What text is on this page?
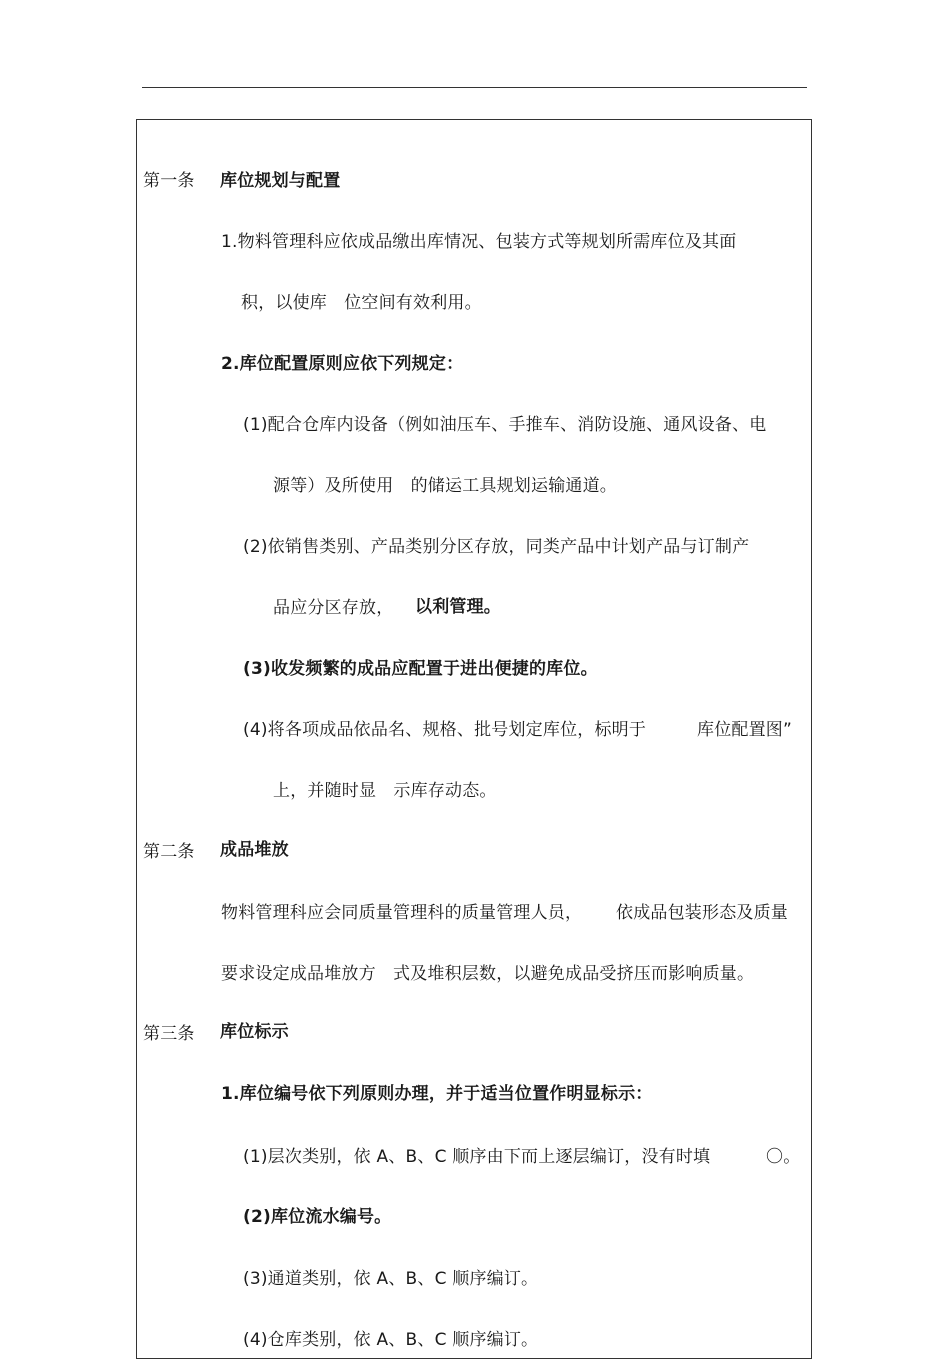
第一条 库位规划与配置
1.物料管理科应依成品缴出库情况、包装方式等规划所需库位及其面
积，以使库　位空间有效利用。
2.库位配置原则应依下列规定：
(1)配合仓库内设备（例如油压车、手推车、消防设施、通风设备、电
源等）及所使用　的储运工具规划运输通道。
(2)依销售类别、产品类别分区存放，同类产品中计划产品与订制产
品应分区存放， 以利管理。
(3)收发频繁的成品应配置于进出便捷的库位。
(4)将各项成品依品名、规格、批号划定库位，标明于	库位配置图”
上，并随时显　示库存动态。
第二条 成品堆放
物料管理科应会同质量管理科的质量管理人员， 依成品包装形态及质量
要求设定成品堆放方　式及堆积层数，以避免成品受挤压而影响质量。
第三条 库位标示
1.库位编号依下列原则办理，并于适当位置作明显标示：
(1)层次类别，依 A、B、C 顺序由下而上逐层编订，没有时填	〇。
(2)库位流水编号。
(3)通道类别，依 A、B、C 顺序编订。
(4)仓库类别，依 A、B、C 顺序编订。
